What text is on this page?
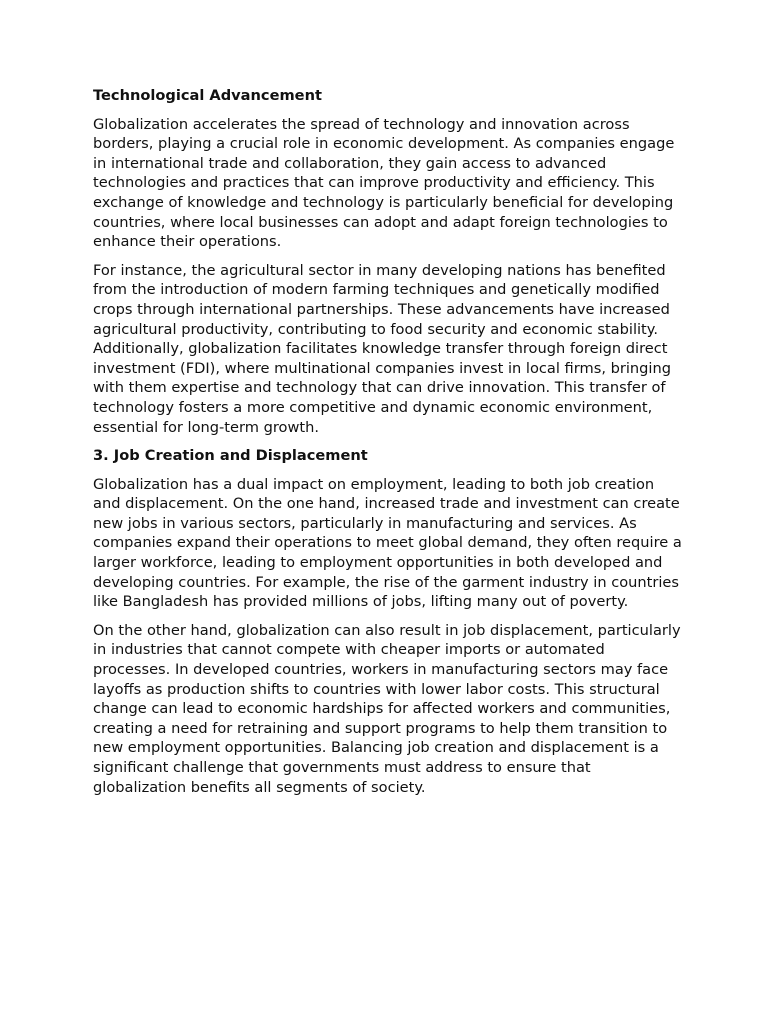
Technological Advancement

Globalization accelerates the spread of technology and innovation across borders, playing a crucial role in economic development. As companies engage in international trade and collaboration, they gain access to advanced technologies and practices that can improve productivity and efficiency. This exchange of knowledge and technology is particularly beneficial for developing countries, where local businesses can adopt and adapt foreign technologies to enhance their operations.

For instance, the agricultural sector in many developing nations has benefited from the introduction of modern farming techniques and genetically modified crops through international partnerships. These advancements have increased agricultural productivity, contributing to food security and economic stability. Additionally, globalization facilitates knowledge transfer through foreign direct investment (FDI), where multinational companies invest in local firms, bringing with them expertise and technology that can drive innovation. This transfer of technology fosters a more competitive and dynamic economic environment, essential for long-term growth.

3. Job Creation and Displacement

Globalization has a dual impact on employment, leading to both job creation and displacement. On the one hand, increased trade and investment can create new jobs in various sectors, particularly in manufacturing and services. As companies expand their operations to meet global demand, they often require a larger workforce, leading to employment opportunities in both developed and developing countries. For example, the rise of the garment industry in countries like Bangladesh has provided millions of jobs, lifting many out of poverty.

On the other hand, globalization can also result in job displacement, particularly in industries that cannot compete with cheaper imports or automated processes. In developed countries, workers in manufacturing sectors may face layoffs as production shifts to countries with lower labor costs. This structural change can lead to economic hardships for affected workers and communities, creating a need for retraining and support programs to help them transition to new employment opportunities. Balancing job creation and displacement is a significant challenge that governments must address to ensure that globalization benefits all segments of society.
